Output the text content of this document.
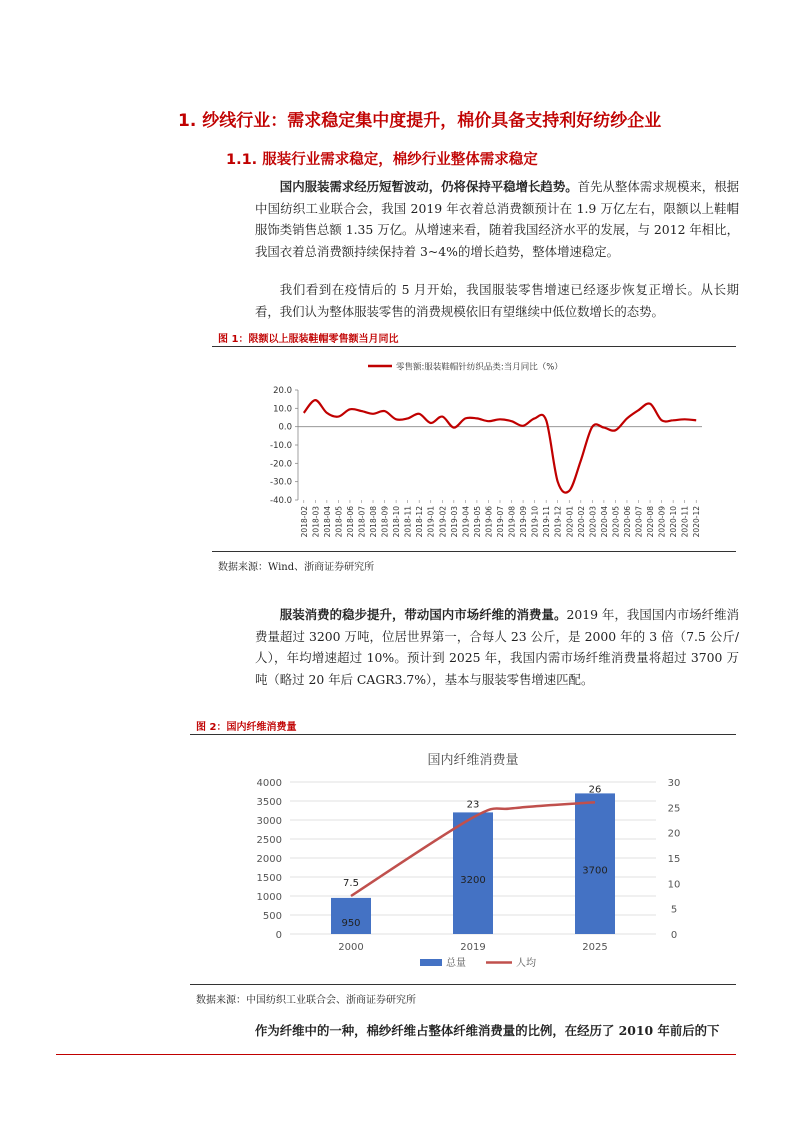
1. 纱线行业：需求稳定集中度提升，棉价具备支持利好纺纱企业
1.1. 服装行业需求稳定，棉纱行业整体需求稳定
国内服装需求经历短暂波动，仍将保持平稳增长趋势。首先从整体需求规模来，根据中国纺织工业联合会，我国 2019 年衣着总消费额预计在 1.9 万亿左右，限额以上鞋帽服饰类销售总额 1.35 万亿。从增速来看，随着我国经济水平的发展，与 2012 年相比，我国衣着总消费额持续保持着 3~4%的增长趋势，整体增速稳定。
我们看到在疫情后的 5 月开始，我国服装零售增速已经逐步恢复正增长。从长期看，我们认为整体服装零售的消费规模依旧有望继续中低位数增长的态势。
图 1：限额以上服装鞋帽零售额当月同比
零售额:服装鞋帽针纺织品类:当月同比（%）
20.0
10.0
0.0
-10.0
-20.0
-30.0
-40.0
2018-02 2018-03 2018-04 2018-05 2018-06 2018-07 2018-08 2018-09 2018-10 2018-11 2018-12 2019-01 2019-02 2019-03 2019-04 2019-05 2019-06 2019-07 2019-08 2019-09 2019-10 2019-11 2019-12 2020-01 2020-02 2020-03 2020-04 2020-05 2020-06 2020-07 2020-08 2020-09 2020-10 2020-11 2020-12
数据来源：Wind、浙商证券研究所
服装消费的稳步提升，带动国内市场纤维的消费量。2019 年，我国国内市场纤维消费量超过 3200 万吨，位居世界第一，合每人 23 公斤，是 2000 年的 3 倍（7.5 公斤/人），年均增速超过 10%。预计到 2025 年，我国内需市场纤维消费量将超过 3700 万吨（略过 20 年后 CAGR3.7%），基本与服装零售增速匹配。
图 2：国内纤维消费量
国内纤维消费量
4000
3500
3000
2500
2000
1500
1000
500
0
30
25
20
15
10
5
0
950
3200
3700
7.5
23
26
2000	2019	2025
总量	人均
数据来源：中国纺织工业联合会、浙商证券研究所
作为纤维中的一种，棉纱纤维占整体纤维消费量的比例，在经历了 2010 年前后的下
